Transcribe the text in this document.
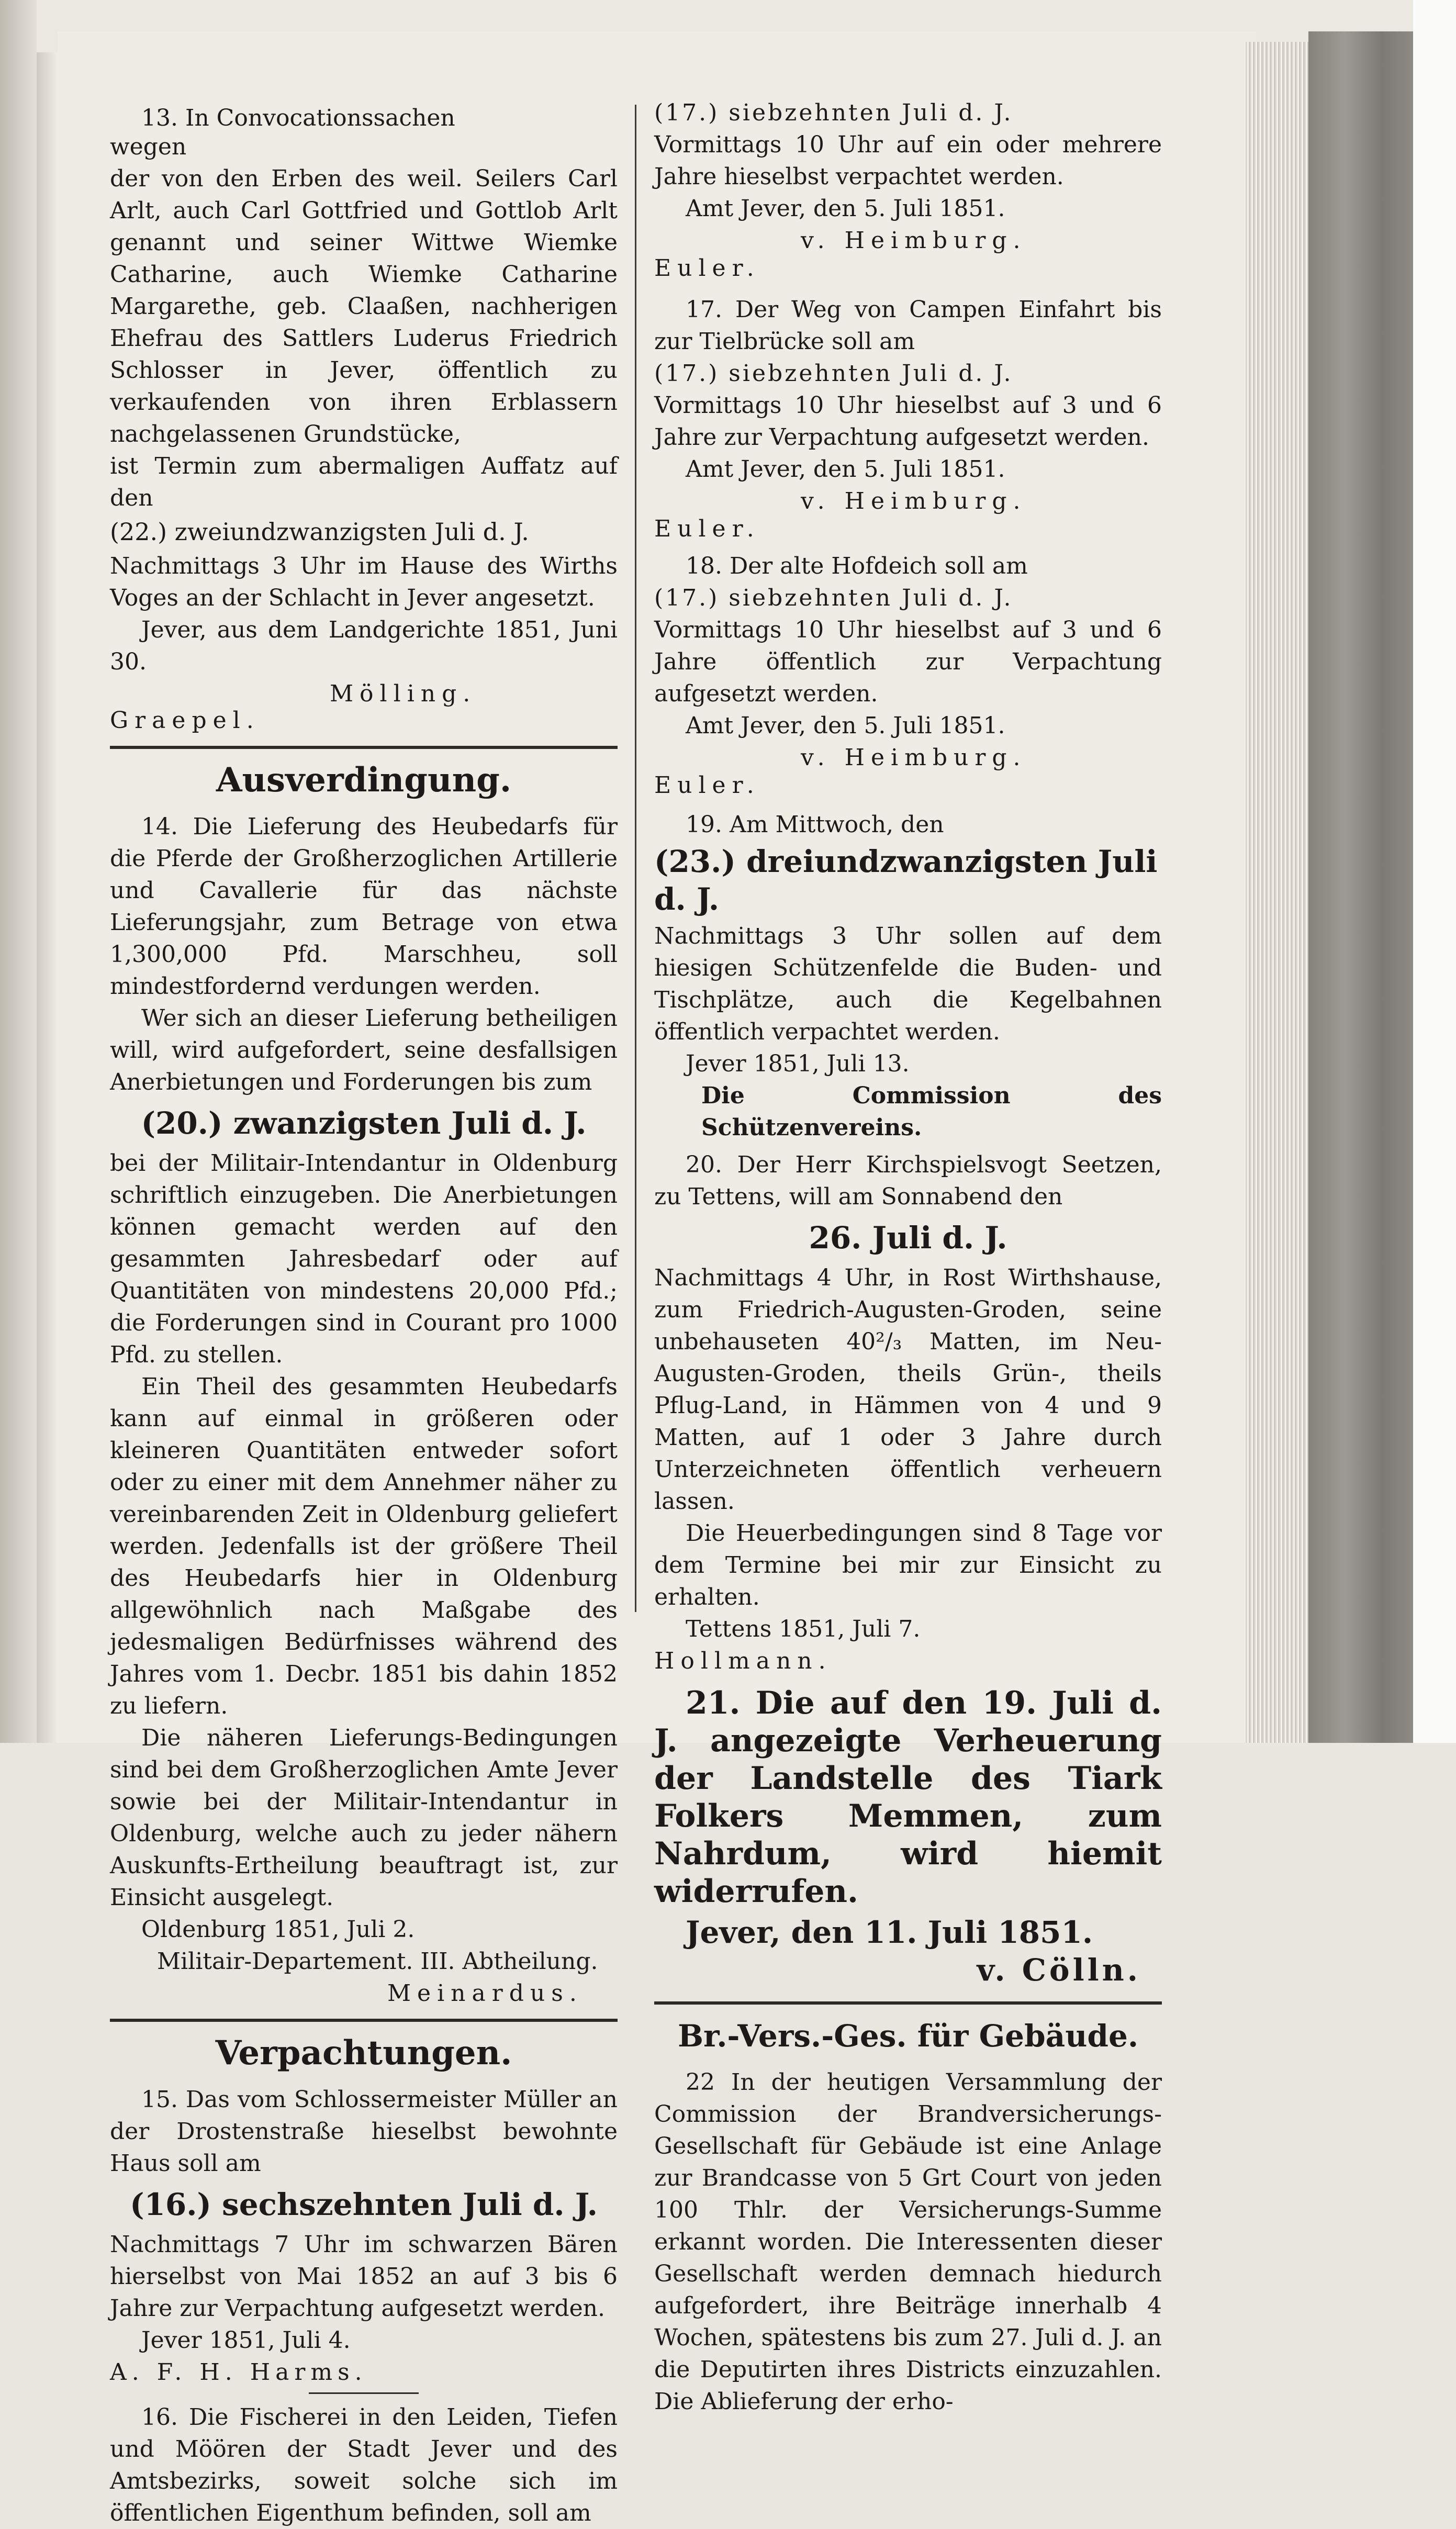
13. In Convocationssachen

wegen

der von den Erben des weil. Seilers Carl Arlt, auch Carl Gottfried und Gottlob Arlt genannt und seiner Wittwe Wiemke Catharine, auch Wiemke Catharine Margarethe, geb. Claaßen, nachherigen Ehefrau des Sattlers Luderus Friedrich Schlosser in Jever, öffentlich zu verkaufenden von ihren Erblassern nachgelassenen Grundstücke,

ist Termin zum abermaligen Auffatz auf den

(22.) zweiundzwanzigsten Juli d. J.

Nachmittags 3 Uhr im Hause des Wirths Voges an der Schlacht in Jever angesetzt.

Jever, aus dem Landgerichte 1851, Juni 30.

Mölling.

Graepel.

Ausverdingung.

14. Die Lieferung des Heubedarfs für die Pferde der Großherzoglichen Artillerie und Cavallerie für das nächste Lieferungsjahr, zum Betrage von etwa 1,300,000 Pfd. Marschheu, soll mindestfordernd verdungen werden.

Wer sich an dieser Lieferung betheiligen will, wird aufgefordert, seine desfallsigen Anerbietungen und Forderungen bis zum

(20.) zwanzigsten Juli d. J.

bei der Militair-Intendantur in Oldenburg schriftlich einzugeben. Die Anerbietungen können gemacht werden auf den gesammten Jahresbedarf oder auf Quantitäten von mindestens 20,000 Pfd.; die Forderungen sind in Courant pro 1000 Pfd. zu stellen.

Ein Theil des gesammten Heubedarfs kann auf einmal in größeren oder kleineren Quantitäten entweder sofort oder zu einer mit dem Annehmer näher zu vereinbarenden Zeit in Oldenburg geliefert werden. Jedenfalls ist der größere Theil des Heubedarfs hier in Oldenburg allgewöhnlich nach Maßgabe des jedesmaligen Bedürfnisses während des Jahres vom 1. Decbr. 1851 bis dahin 1852 zu liefern.

Die näheren Lieferungs-Bedingungen sind bei dem Großherzoglichen Amte Jever sowie bei der Militair-Intendantur in Oldenburg, welche auch zu jeder nähern Auskunfts-Ertheilung beauftragt ist, zur Einsicht ausgelegt.

Oldenburg 1851, Juli 2.

Militair-Departement. III. Abtheilung.

Meinardus.

Verpachtungen.

15. Das vom Schlossermeister Müller an der Drostenstraße hieselbst bewohnte Haus soll am

(16.) sechszehnten Juli d. J.

Nachmittags 7 Uhr im schwarzen Bären hierselbst von Mai 1852 an auf 3 bis 6 Jahre zur Verpachtung aufgesetzt werden.

Jever 1851, Juli 4.

A. F. H. Harms.

16. Die Fischerei in den Leiden, Tiefen und Möören der Stadt Jever und des Amtsbezirks, soweit solche sich im öffentlichen Eigenthum befinden, soll am

(17.) siebzehnten Juli d. J.

Vormittags 10 Uhr auf ein oder mehrere Jahre hieselbst verpachtet werden.

Amt Jever, den 5. Juli 1851.

v. Heimburg.

Euler.

17. Der Weg von Campen Einfahrt bis zur Tielbrücke soll am

(17.) siebzehnten Juli d. J.

Vormittags 10 Uhr hieselbst auf 3 und 6 Jahre zur Verpachtung aufgesetzt werden.

Amt Jever, den 5. Juli 1851.

v. Heimburg.

Euler.

18. Der alte Hofdeich soll am

(17.) siebzehnten Juli d. J.

Vormittags 10 Uhr hieselbst auf 3 und 6 Jahre öffentlich zur Verpachtung aufgesetzt werden.

Amt Jever, den 5. Juli 1851.

v. Heimburg.

Euler.

19. Am Mittwoch, den

(23.) dreiundzwanzigsten Juli d. J.

Nachmittags 3 Uhr sollen auf dem hiesigen Schützenfelde die Buden- und Tischplätze, auch die Kegelbahnen öffentlich verpachtet werden.

Jever 1851, Juli 13.

Die Commission des Schützenvereins.

20. Der Herr Kirchspielsvogt Seetzen, zu Tettens, will am Sonnabend den

26. Juli d. J.

Nachmittags 4 Uhr, in Rost Wirthshause, zum Friedrich-Augusten-Groden, seine unbehauseten 40²/₃ Matten, im Neu-Augusten-Groden, theils Grün-, theils Pflug-Land, in Hämmen von 4 und 9 Matten, auf 1 oder 3 Jahre durch Unterzeichneten öffentlich verheuern lassen.

Die Heuerbedingungen sind 8 Tage vor dem Termine bei mir zur Einsicht zu erhalten.

Tettens 1851, Juli 7.

Hollmann.

21. Die auf den 19. Juli d. J. angezeigte Verheuerung der Landstelle des Tiark Folkers Memmen, zum Nahrdum, wird hiemit widerrufen.

Jever, den 11. Juli 1851.
v. Cölln.
Br.-Vers.-Ges. für Gebäude.

22 In der heutigen Versammlung der Commission der Brandversicherungs-Gesellschaft für Gebäude ist eine Anlage zur Brandcasse von 5 Grt Court von jeden 100 Thlr. der Versicherungs-Summe erkannt worden. Die Interessenten dieser Gesellschaft werden demnach hiedurch aufgefordert, ihre Beiträge innerhalb 4 Wochen, spätestens bis zum 27. Juli d. J. an die Deputirten ihres Districts einzuzahlen. Die Ablieferung der erho-
